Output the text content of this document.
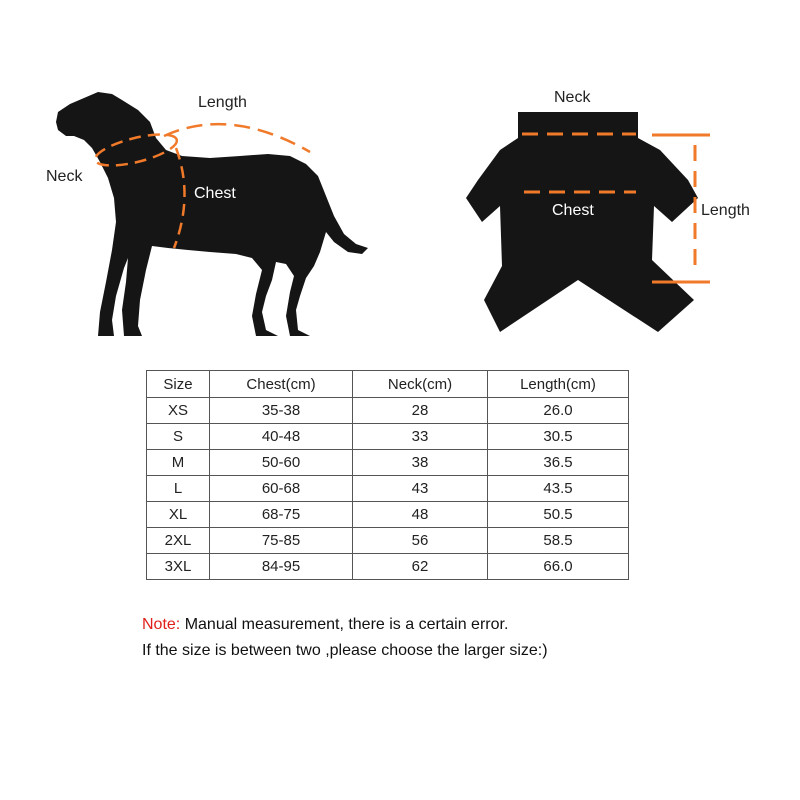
Length
Neck
Chest
Neck
Chest	Length
Size	Chest(cm)	Neck(cm)	Length(cm)
XS	35-38	28	26.0
S	40-48	33	30.5
M	50-60	38	36.5
L	60-68	43	43.5
XL	68-75	48	50.5
2XL	75-85	56	58.5
3XL	84-95	62	66.0
Note: Manual measurement, there is a certain error.
If the size is between two ,please choose the larger size:)
